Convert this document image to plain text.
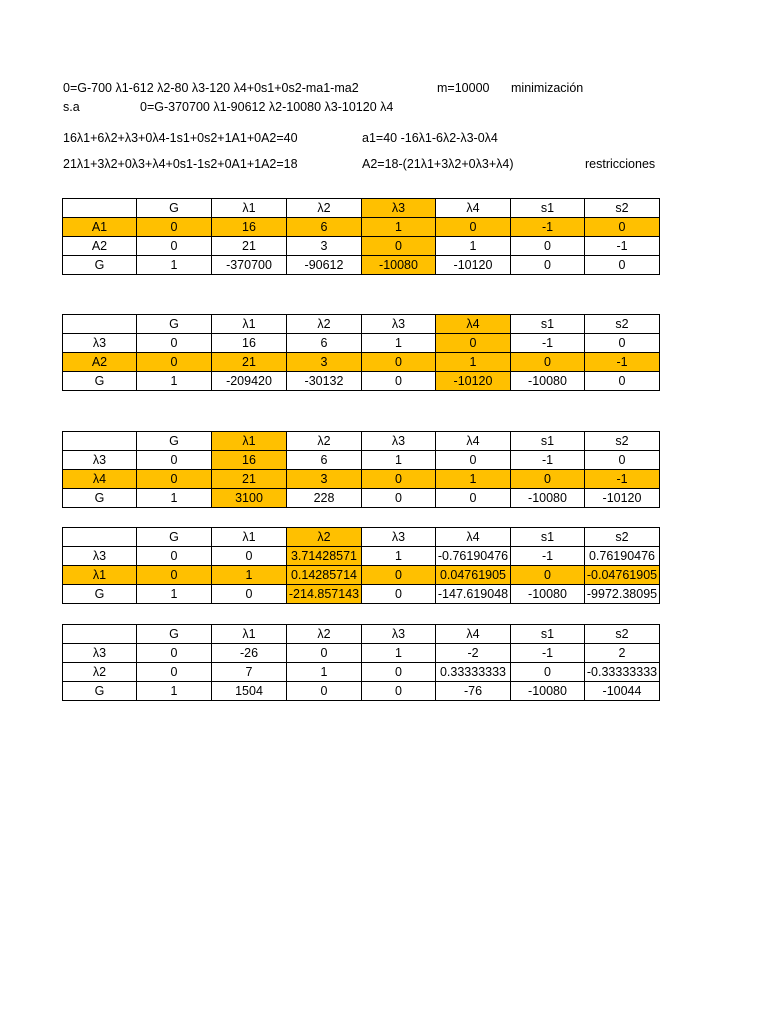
0=G-700 λ1-612 λ2-80 λ3-120 λ4+0s1+0s2-ma1-ma2	m=10000 minimización
s.a	0=G-370700 λ1-90612 λ2-10080 λ3-10120 λ4
16λ1+6λ2+λ3+0λ4-1s1+0s2+1A1+0A2=40	a1=40 -16λ1-6λ2-λ3-0λ4
21λ1+3λ2+0λ3+λ4+0s1-1s2+0A1+1A2=18	A2=18-(21λ1+3λ2+0λ3+λ4)	restricciones
	G	λ1	λ2	λ3	λ4	s1	s2
A1	0	16	6	1	0	-1	0
A2	0	21	3	0	1	0	-1
G	1	-370700	-90612	-10080	-10120	0	0
	G	λ1	λ2	λ3	λ4	s1	s2
λ3	0	16	6	1	0	-1	0
A2	0	21	3	0	1	0	-1
G	1	-209420	-30132	0	-10120	-10080	0
	G	λ1	λ2	λ3	λ4	s1	s2
λ3	0	16	6	1	0	-1	0
λ4	0	21	3	0	1	0	-1
G	1	3100	228	0	0	-10080	-10120
	G	λ1	λ2	λ3	λ4	s1	s2
λ3	0	0	3.71428571	1	-0.76190476	-1	0.76190476
λ1	0	1	0.14285714	0	0.04761905	0	-0.04761905
G	1	0	-214.857143	0	-147.619048	-10080	-9972.38095
	G	λ1	λ2	λ3	λ4	s1	s2
λ3	0	-26	0	1	-2	-1	2
λ2	0	7	1	0	0.33333333	0	-0.33333333
G	1	1504	0	0	-76	-10080	-10044
